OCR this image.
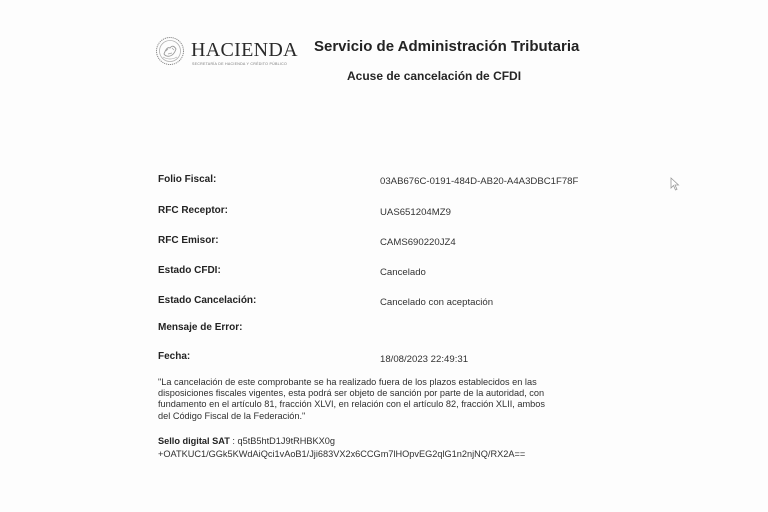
HACIENDA
SECRETARÍA DE HACIENDA Y CRÉDITO PÚBLICO
Servicio de Administración Tributaria
Acuse de cancelación de CFDI
Folio Fiscal:	03AB676C-0191-484D-AB20-A4A3DBC1F78F
RFC Receptor:	UAS651204MZ9
RFC Emisor:	CAMS690220JZ4
Estado CFDI:	Cancelado
Estado Cancelación:	Cancelado con aceptación
Mensaje de Error:
Fecha:	18/08/2023 22:49:31
"La cancelación de este comprobante se ha realizado fuera de los plazos establecidos en las
disposiciones fiscales vigentes, esta podrá ser objeto de sanción por parte de la autoridad, con
fundamento en el artículo 81, fracción XLVI, en relación con el artículo 82, fracción XLII, ambos
del Código Fiscal de la Federación."
Sello digital SAT : q5tB5htD1J9tRHBKX0g
+OATKUC1/GGk5KWdAiQci1vAoB1/Jji683VX2x6CCGm7lHOpvEG2qlG1n2njNQ/RX2A==
